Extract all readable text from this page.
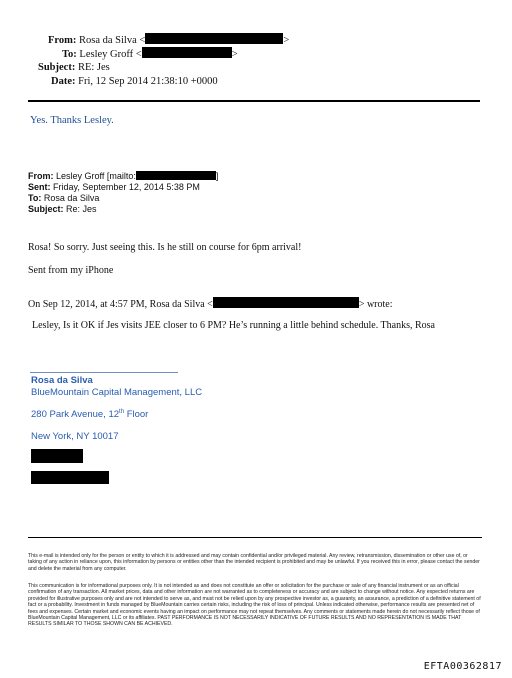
From: Rosa da Silva <	>
To: Lesley Groff <	>
Subject: RE: Jes
Date: Fri, 12 Sep 2014 21:38:10 +0000
Yes. Thanks Lesley.
From: Lesley Groff [mailto:	]
Sent: Friday, September 12, 2014 5:38 PM
To: Rosa da Silva
Subject: Re: Jes
Rosa! So sorry. Just seeing this. Is he still on course for 6pm arrival!
Sent from my iPhone
On Sep 12, 2014, at 4:57 PM, Rosa da Silva <	> wrote:
Lesley, Is it OK if Jes visits JEE closer to 6 PM? He’s running a little behind schedule. Thanks, Rosa
Rosa da Silva
BlueMountain Capital Management, LLC
280 Park Avenue, 12th Floor
New York, NY 10017
This e-mail is intended only for the person or entity to which it is addressed and may contain confidential and/or privileged material. Any review, retransmission, dissemination or other use of, or taking of any action in reliance upon, this information by persons or entities other than the intended recipient is prohibited and may be unlawful. If you received this in error, please contact the sender and delete the material from any computer.
This communication is for informational purposes only. It is not intended as and does not constitute an offer or solicitation for the purchase or sale of any financial instrument or as an official confirmation of any transaction. All market prices, data and other information are not warranted as to completeness or accuracy and are subject to change without notice. Any expected returns are provided for illustrative purposes only and are not intended to serve as, and must not be relied upon by any prospective investor as, a guaranty, an assurance, a prediction of a definitive statement of fact or a probability. Investment in funds managed by BlueMountain carries certain risks, including the risk of loss of principal. Unless indicated otherwise, performance results are presented net of fees and expenses. Certain market and economic events having an impact on performance may not repeat themselves. Any comments or statements made herein do not necessarily reflect those of BlueMountain Capital Management, LLC or its affiliates. PAST PERFORMANCE IS NOT NECESSARILY INDICATIVE OF FUTURE RESULTS AND NO REPRESENTATION IS MADE THAT RESULTS SIMILAR TO THOSE SHOWN CAN BE ACHIEVED.
EFTA00362817
